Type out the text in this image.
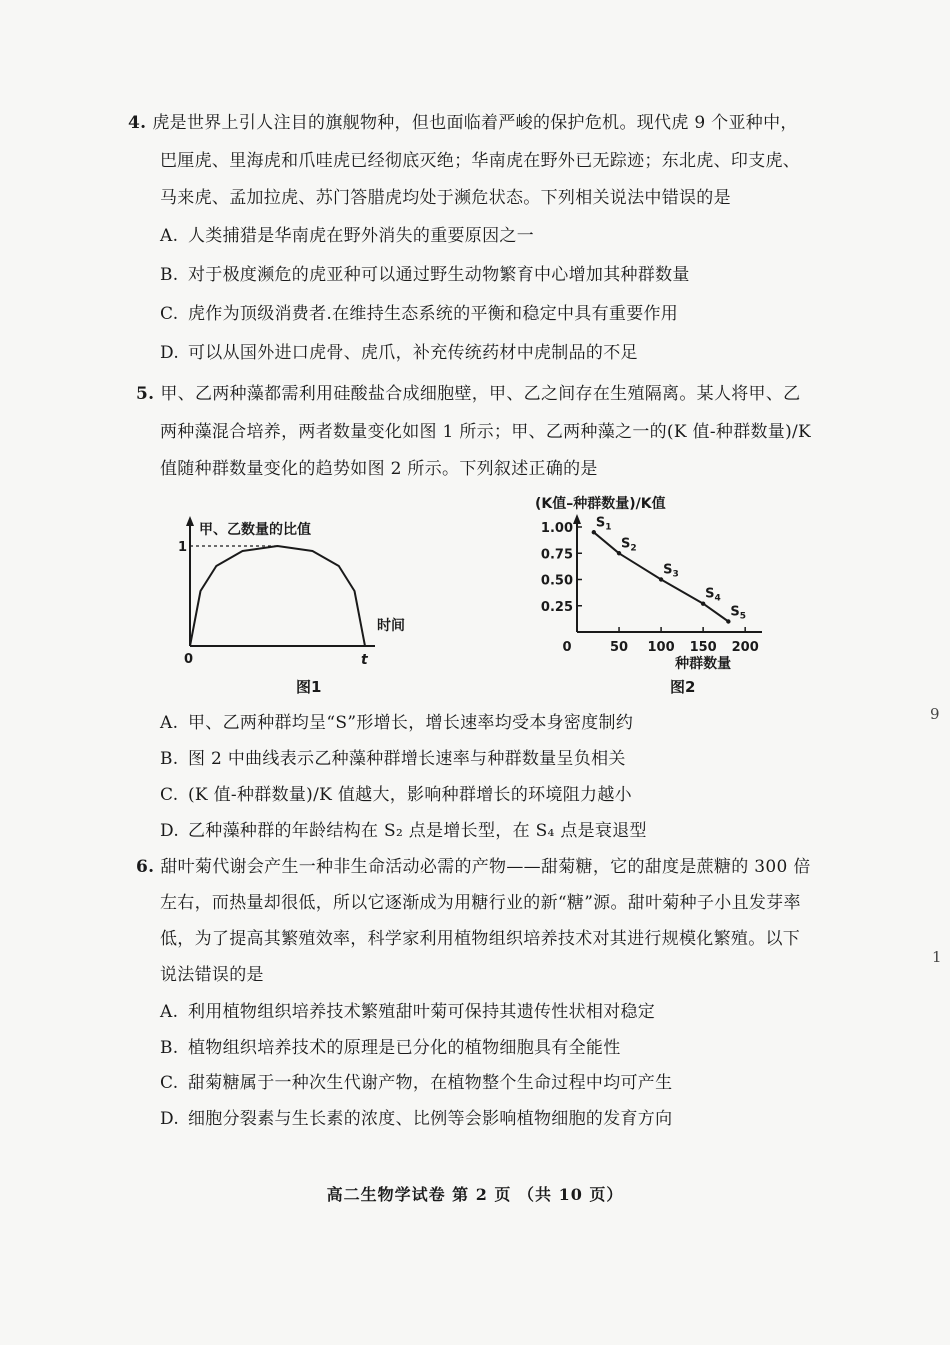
4. 虎是世界上引人注目的旗舰物种，但也面临着严峻的保护危机。现代虎 9 个亚种中，
巴厘虎、里海虎和爪哇虎已经彻底灭绝；华南虎在野外已无踪迹；东北虎、印支虎、
马来虎、孟加拉虎、苏门答腊虎均处于濒危状态。下列相关说法中错误的是
A. 人类捕猎是华南虎在野外消失的重要原因之一
B. 对于极度濒危的虎亚种可以通过野生动物繁育中心增加其种群数量
C. 虎作为顶级消费者.在维持生态系统的平衡和稳定中具有重要作用
D. 可以从国外进口虎骨、虎爪，补充传统药材中虎制品的不足
5. 甲、乙两种藻都需利用硅酸盐合成细胞壁，甲、乙之间存在生殖隔离。某人将甲、乙
两种藻混合培养，两者数量变化如图 1 所示；甲、乙两种藻之一的(K 值-种群数量)/K
值随种群数量变化的趋势如图 2 所示。下列叙述正确的是
甲、乙数量的比值
时间
1
0	t
图1
(K值–种群数量)/K值
0.25
0.50
0.75
1.00
0	50 100 150 200
种群数量
$S_1$
$S_2$
$S_3$
$S_4$
$S_5$
图2
A. 甲、乙两种群均呈“S”形增长，增长速率均受本身密度制约
B. 图 2 中曲线表示乙种藻种群增长速率与种群数量呈负相关
C. (K 值-种群数量)/K 值越大，影响种群增长的环境阻力越小
D. 乙种藻种群的年龄结构在 S₂ 点是增长型，在 S₄ 点是衰退型
6. 甜叶菊代谢会产生一种非生命活动必需的产物——甜菊糖，它的甜度是蔗糖的 300 倍
左右，而热量却很低，所以它逐渐成为用糖行业的新“糖”源。甜叶菊种子小且发芽率
低，为了提高其繁殖效率，科学家利用植物组织培养技术对其进行规模化繁殖。以下
说法错误的是
A. 利用植物组织培养技术繁殖甜叶菊可保持其遗传性状相对稳定
B. 植物组织培养技术的原理是已分化的植物细胞具有全能性
C. 甜菊糖属于一种次生代谢产物，在植物整个生命过程中均可产生
D. 细胞分裂素与生长素的浓度、比例等会影响植物细胞的发育方向
高二生物学试卷 第 2 页 （共 10 页）
9
1
